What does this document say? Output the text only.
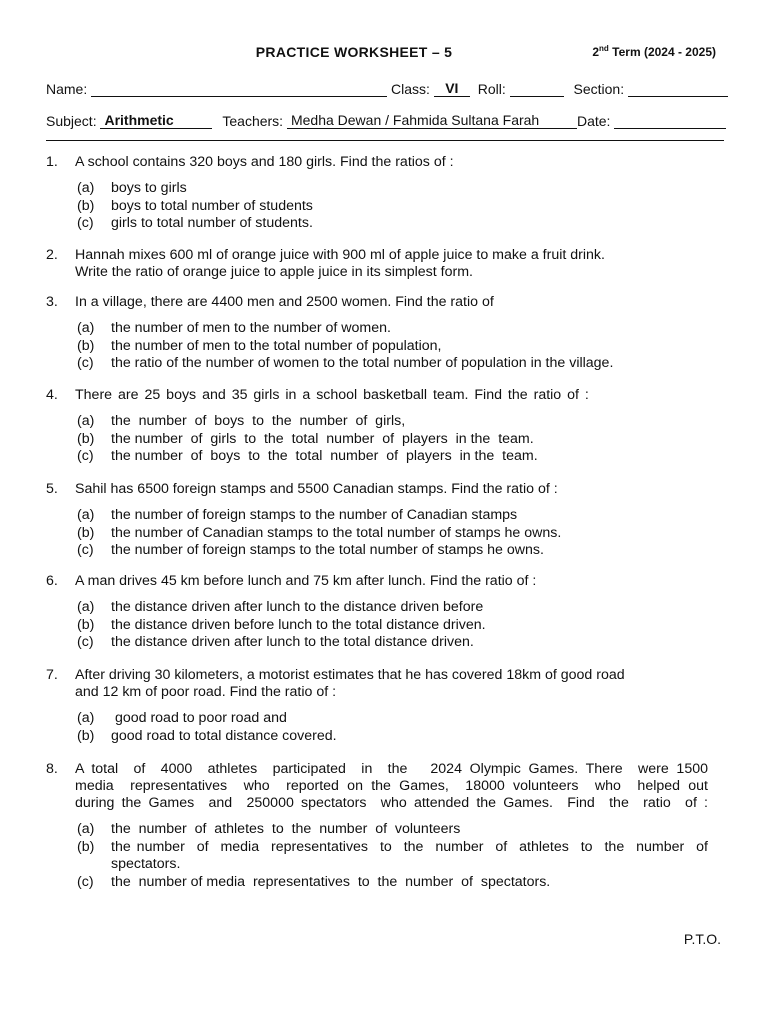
PRACTICE WORKSHEET – 5	2nd Term (2024 - 2025)
Name:	Class: VI Roll:	Section:
Subject: Arithmetic	Teachers: Medha Dewan / Fahmida Sultana Farah	Date:
1.	A school contains 320 boys and 180 girls. Find the ratios of :
(a)	boys to girls
(b)	boys to total number of students
(c)	girls to total number of students.
2.	Hannah mixes 600 ml of orange juice with 900 ml of apple juice to make a fruit drink.
Write the ratio of orange juice to apple juice in its simplest form.
3.	In a village, there are 4400 men and 2500 women. Find the ratio of
(a)	the number of men to the number of women.
(b)	the number of men to the total number of population,
(c)	the ratio of the number of women to the total number of population in the village.
4.	There are 25 boys and 35 girls in a school basketball team. Find the ratio of :
(a)	the  number  of  boys  to  the  number  of  girls,
(b)	the number  of  girls  to  the  total  number  of  players  in the  team.
(c)	the number  of  boys  to  the  total  number  of  players  in the  team.
5.	Sahil has 6500 foreign stamps and 5500 Canadian stamps. Find the ratio of :
(a)	the number of foreign stamps to the number of Canadian stamps
(b)	the number of Canadian stamps to the total number of stamps he owns.
(c)	the number of foreign stamps to the total number of stamps he owns.
6.	A man drives 45 km before lunch and 75 km after lunch. Find the ratio of :
(a)	the distance driven after lunch to the distance driven before
(b)	the distance driven before lunch to the total distance driven.
(c)	the distance driven after lunch to the total distance driven.
7.	After driving 30 kilometers, a motorist estimates that he has covered 18km of good road
and 12 km of poor road. Find the ratio of :
(a)	good road to poor road and
(b)	good road to total distance covered.
8.	A total  of  4000  athletes  participated  in  the   2024 Olympic Games. There  were 1500
media  representatives  who  reported on the Games,  18000 volunteers  who  helped out
during the Games  and  250000 spectators  who attended the Games.  Find  the  ratio  of :
(a)	the  number  of  athletes  to  the  number  of  volunteers
(b)	the number  of  media  representatives  to  the  number  of  athletes  to  the  number  of
spectators.
(c)	the  number of media  representatives  to  the  number  of  spectators.
P.T.O.
